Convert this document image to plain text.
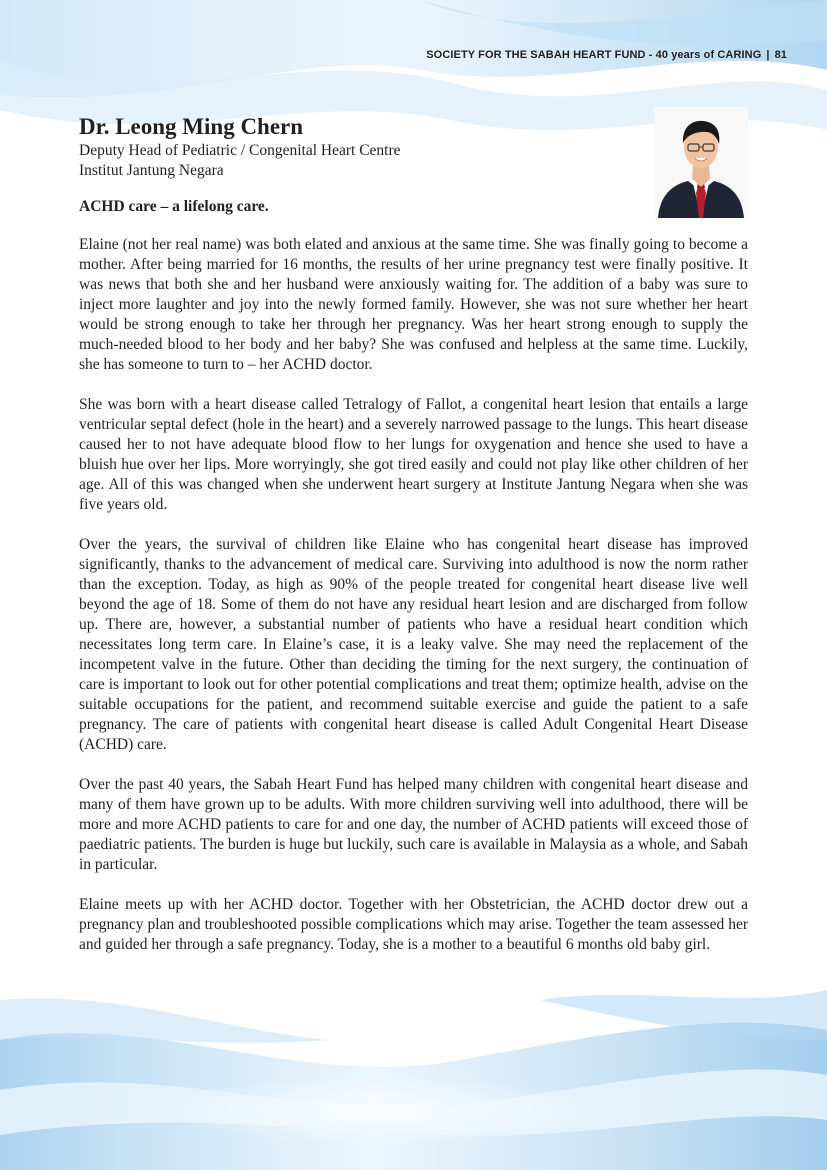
SOCIETY FOR THE SABAH HEART FUND - 40 years of CARING | 81
Dr. Leong Ming Chern

Deputy Head of Pediatric / Congenital Heart Centre

Institut Jantung Negara

ACHD care – a lifelong care.

Elaine (not her real name) was both elated and anxious at the same time. She was finally going to become a mother. After being married for 16 months, the results of her urine pregnancy test were finally positive. It was news that both she and her husband were anxiously waiting for. The addition of a baby was sure to inject more laughter and joy into the newly formed family. However, she was not sure whether her heart would be strong enough to take her through her pregnancy. Was her heart strong enough to supply the much-needed blood to her body and her baby? She was confused and helpless at the same time. Luckily, she has someone to turn to – her ACHD doctor.

She was born with a heart disease called Tetralogy of Fallot, a congenital heart lesion that entails a large ventricular septal defect (hole in the heart) and a severely narrowed passage to the lungs. This heart disease caused her to not have adequate blood flow to her lungs for oxygenation and hence she used to have a bluish hue over her lips. More worryingly, she got tired easily and could not play like other children of her age. All of this was changed when she underwent heart surgery at Institute Jantung Negara when she was five years old.

Over the years, the survival of children like Elaine who has congenital heart disease has improved significantly, thanks to the advancement of medical care. Surviving into adulthood is now the norm rather than the exception. Today, as high as 90% of the people treated for congenital heart disease live well beyond the age of 18. Some of them do not have any residual heart lesion and are discharged from follow up. There are, however, a substantial number of patients who have a residual heart condition which necessitates long term care. In Elaine’s case, it is a leaky valve. She may need the replacement of the incompetent valve in the future. Other than deciding the timing for the next surgery, the continuation of care is important to look out for other potential complications and treat them; optimize health, advise on the suitable occupations for the patient, and recommend suitable exercise and guide the patient to a safe pregnancy. The care of patients with congenital heart disease is called Adult Congenital Heart Disease (ACHD) care.

Over the past 40 years, the Sabah Heart Fund has helped many children with congenital heart disease and many of them have grown up to be adults. With more children surviving well into adulthood, there will be more and more ACHD patients to care for and one day, the number of ACHD patients will exceed those of paediatric patients. The burden is huge but luckily, such care is available in Malaysia as a whole, and Sabah in particular.

Elaine meets up with her ACHD doctor. Together with her Obstetrician, the ACHD doctor drew out a pregnancy plan and troubleshooted possible complications which may arise. Together the team assessed her and guided her through a safe pregnancy. Today, she is a mother to a beautiful 6 months old baby girl.
